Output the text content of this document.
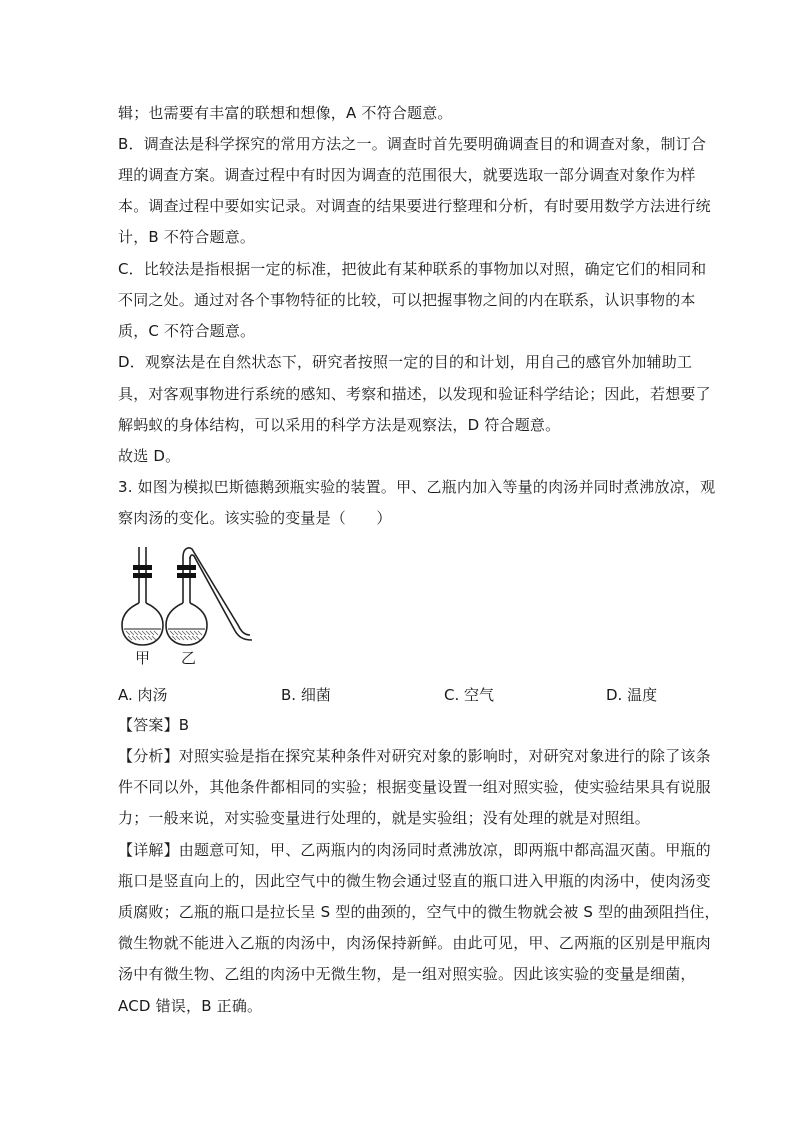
辑；也需要有丰富的联想和想像，A 不符合题意。
B．调查法是科学探究的常用方法之一。调查时首先要明确调查目的和调查对象，制订合
理的调查方案。调查过程中有时因为调查的范围很大，就要选取一部分调查对象作为样
本。调查过程中要如实记录。对调查的结果要进行整理和分析，有时要用数学方法进行统
计，B 不符合题意。
C．比较法是指根据一定的标准，把彼此有某种联系的事物加以对照，确定它们的相同和
不同之处。通过对各个事物特征的比较，可以把握事物之间的内在联系，认识事物的本
质，C 不符合题意。
D．观察法是在自然状态下，研究者按照一定的目的和计划，用自己的感官外加辅助工
具，对客观事物进行系统的感知、考察和描述，以发现和验证科学结论；因此，若想要了
解蚂蚁的身体结构，可以采用的科学方法是观察法，D 符合题意。
故选 D。
3. 如图为模拟巴斯德鹅颈瓶实验的装置。甲、乙瓶内加入等量的肉汤并同时煮沸放凉，观
察肉汤的变化。该实验的变量是（　　）
甲 乙
A. 肉汤	B. 细菌	C. 空气	D. 温度
【答案】B
【分析】对照实验是指在探究某种条件对研究对象的影响时，对研究对象进行的除了该条
件不同以外，其他条件都相同的实验；根据变量设置一组对照实验，使实验结果具有说服
力；一般来说，对实验变量进行处理的，就是实验组；没有处理的就是对照组。
【详解】由题意可知，甲、乙两瓶内的肉汤同时煮沸放凉，即两瓶中都高温灭菌。甲瓶的
瓶口是竖直向上的，因此空气中的微生物会通过竖直的瓶口进入甲瓶的肉汤中，使肉汤变
质腐败；乙瓶的瓶口是拉长呈 S 型的曲颈的，空气中的微生物就会被 S 型的曲颈阻挡住，
微生物就不能进入乙瓶的肉汤中，肉汤保持新鲜。由此可见，甲、乙两瓶的区别是甲瓶肉
汤中有微生物、乙组的肉汤中无微生物，是一组对照实验。因此该实验的变量是细菌，
ACD 错误，B 正确。
